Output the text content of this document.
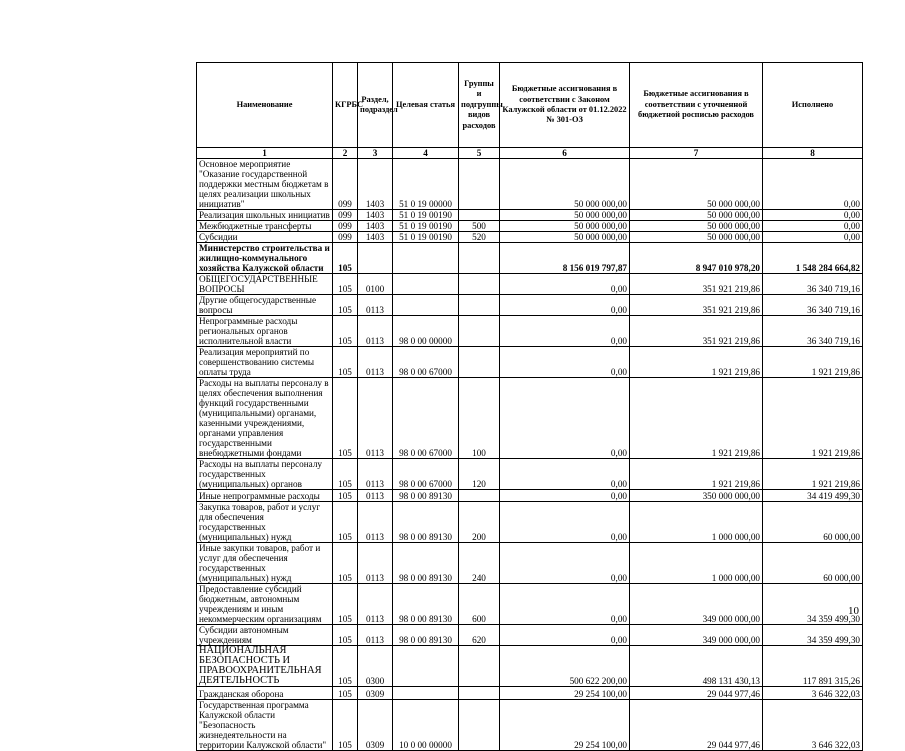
Наименование	КГРБС	Раздел, подраздел	Целевая статья	Группы и подгруппы видов расходов	Бюджетные ассигнования в соответствии с Законом Калужской области от 01.12.2022 № 301-ОЗ	Бюджетные ассигнования в соответствии с уточненной бюджетной росписью расходов	Исполнено
1	2	3	4	5	6	7	8
Основное мероприятие "Оказание государственной поддержки местным бюджетам в целях реализации школьных инициатив"	099	1403	51 0 19 00000		50 000 000,00	50 000 000,00	0,00
Реализация школьных инициатив	099	1403	51 0 19 00190		50 000 000,00	50 000 000,00	0,00
Межбюджетные трансферты	099	1403	51 0 19 00190	500	50 000 000,00	50 000 000,00	0,00
Субсидии	099	1403	51 0 19 00190	520	50 000 000,00	50 000 000,00	0,00
Министерство строительства и жилищно-коммунального хозяйства Калужской области	105				8 156 019 797,87	8 947 010 978,20	1 548 284 664,82
ОБЩЕГОСУДАРСТВЕННЫЕ ВОПРОСЫ	105	0100			0,00	351 921 219,86	36 340 719,16
Другие общегосударственные вопросы	105	0113			0,00	351 921 219,86	36 340 719,16
Непрограммные расходы региональных органов исполнительной власти	105	0113	98 0 00 00000		0,00	351 921 219,86	36 340 719,16
Реализация мероприятий по совершенствованию системы оплаты труда	105	0113	98 0 00 67000		0,00	1 921 219,86	1 921 219,86
Расходы на выплаты персоналу в целях обеспечения выполнения функций государственными (муниципальными) органами, казенными учреждениями, органами управления государственными внебюджетными фондами	105	0113	98 0 00 67000	100	0,00	1 921 219,86	1 921 219,86
Расходы на выплаты персоналу государственных (муниципальных) органов	105	0113	98 0 00 67000	120	0,00	1 921 219,86	1 921 219,86
Иные непрограммные расходы	105	0113	98 0 00 89130		0,00	350 000 000,00	34 419 499,30
Закупка товаров, работ и услуг для обеспечения государственных (муниципальных) нужд	105	0113	98 0 00 89130	200	0,00	1 000 000,00	60 000,00
Иные закупки товаров, работ и услуг для обеспечения государственных (муниципальных) нужд	105	0113	98 0 00 89130	240	0,00	1 000 000,00	60 000,00
Предоставление субсидий бюджетным, автономным учреждениям и иным некоммерческим организациям	105	0113	98 0 00 89130	600	0,00	349 000 000,00	34 359 499,30
Субсидии автономным учреждениям	105	0113	98 0 00 89130	620	0,00	349 000 000,00	34 359 499,30
НАЦИОНАЛЬНАЯ БЕЗОПАСНОСТЬ И ПРАВООХРАНИТЕЛЬНАЯ ДЕЯТЕЛЬНОСТЬ	105	0300			500 622 200,00	498 131 430,13	117 891 315,26
Гражданская оборона	105	0309			29 254 100,00	29 044 977,46	3 646 322,03
Государственная программа Калужской области "Безопасность жизнедеятельности на территории Калужской области"	105	0309	10 0 00 00000		29 254 100,00	29 044 977,46	3 646 322,03
10
